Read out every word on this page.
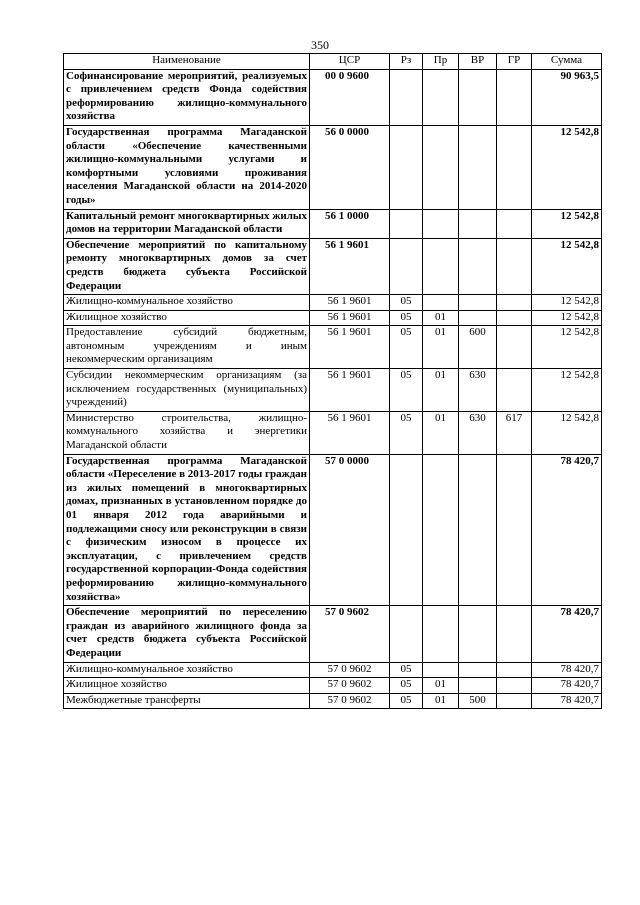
350
Наименование	ЦСР	Рз	Пр	ВР	ГР	Сумма
Софинансирование мероприятий, реализуемых с привлечением средств Фонда содействия реформированию жилищно-коммунального хозяйства	00 0 9600					90 963,5
Государственная программа Магаданской области «Обеспечение качественными жилищно-коммунальными услугами и комфортными условиями проживания населения Магаданской области на 2014-2020 годы»	56 0 0000					12 542,8
Капитальный ремонт многоквартирных жилых домов на территории Магаданской области	56 1 0000					12 542,8
Обеспечение мероприятий по капитальному ремонту многоквартирных домов за счет средств бюджета субъекта Российской Федерации	56 1 9601					12 542,8
Жилищно-коммунальное хозяйство	56 1 9601	05				12 542,8
Жилищное хозяйство	56 1 9601	05	01			12 542,8
Предоставление субсидий бюджетным, автономным учреждениям и иным некоммерческим организациям	56 1 9601	05	01	600		12 542,8
Субсидии некоммерческим организациям (за исключением государственных (муниципальных) учреждений)	56 1 9601	05	01	630		12 542,8
Министерство строительства, жилищно-коммунального хозяйства и энергетики Магаданской области	56 1 9601	05	01	630	617	12 542,8
Государственная программа Магаданской области «Переселение в 2013-2017 годы граждан из жилых помещений в многоквартирных домах, признанных в установленном порядке до 01 января 2012 года аварийными и подлежащими сносу или реконструкции в связи с физическим износом в процессе их эксплуатации, с привлечением средств государственной корпорации-Фонда содействия реформированию жилищно-коммунального хозяйства»	57 0 0000					78 420,7
Обеспечение мероприятий по переселению граждан из аварийного жилищного фонда за счет средств бюджета субъекта Российской Федерации	57 0 9602					78 420,7
Жилищно-коммунальное хозяйство	57 0 9602	05				78 420,7
Жилищное хозяйство	57 0 9602	05	01			78 420,7
Межбюджетные трансферты	57 0 9602	05	01	500		78 420,7
